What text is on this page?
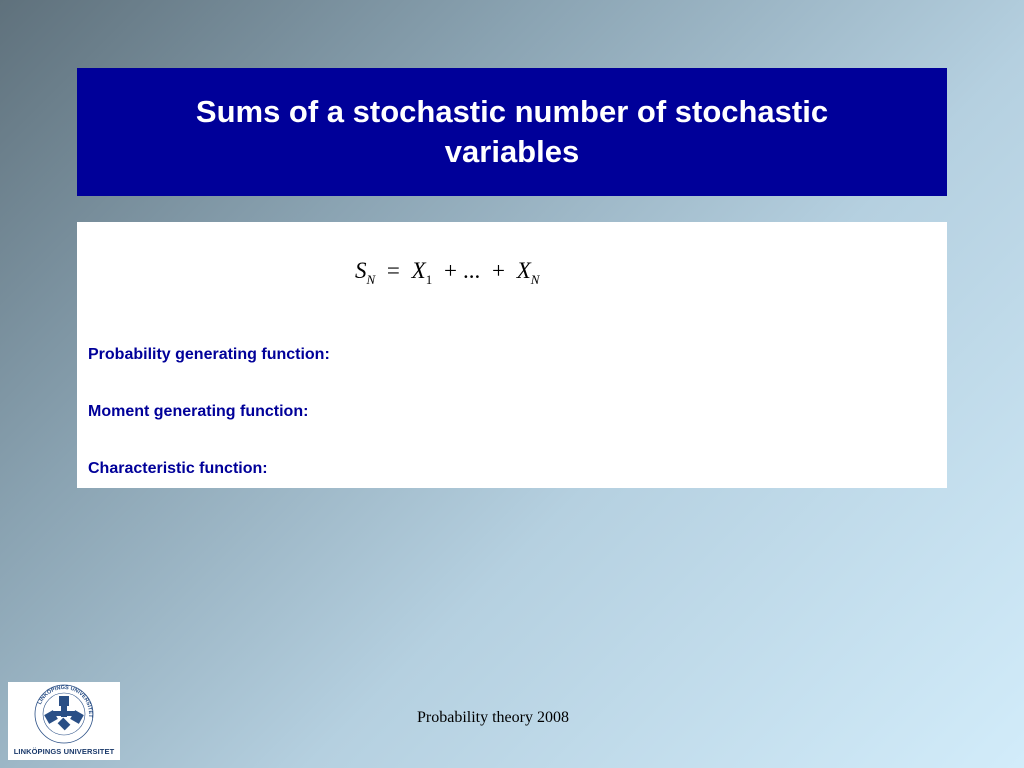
Sums of a stochastic number of stochastic variables
$S_N = X_1$ + ... + $X_N$
Probability generating function:
Moment generating function:
Characteristic function:
LINKÖPINGS UNIVERSITET
LINKÖPINGS UNIVERSITET
Probability theory 2008
